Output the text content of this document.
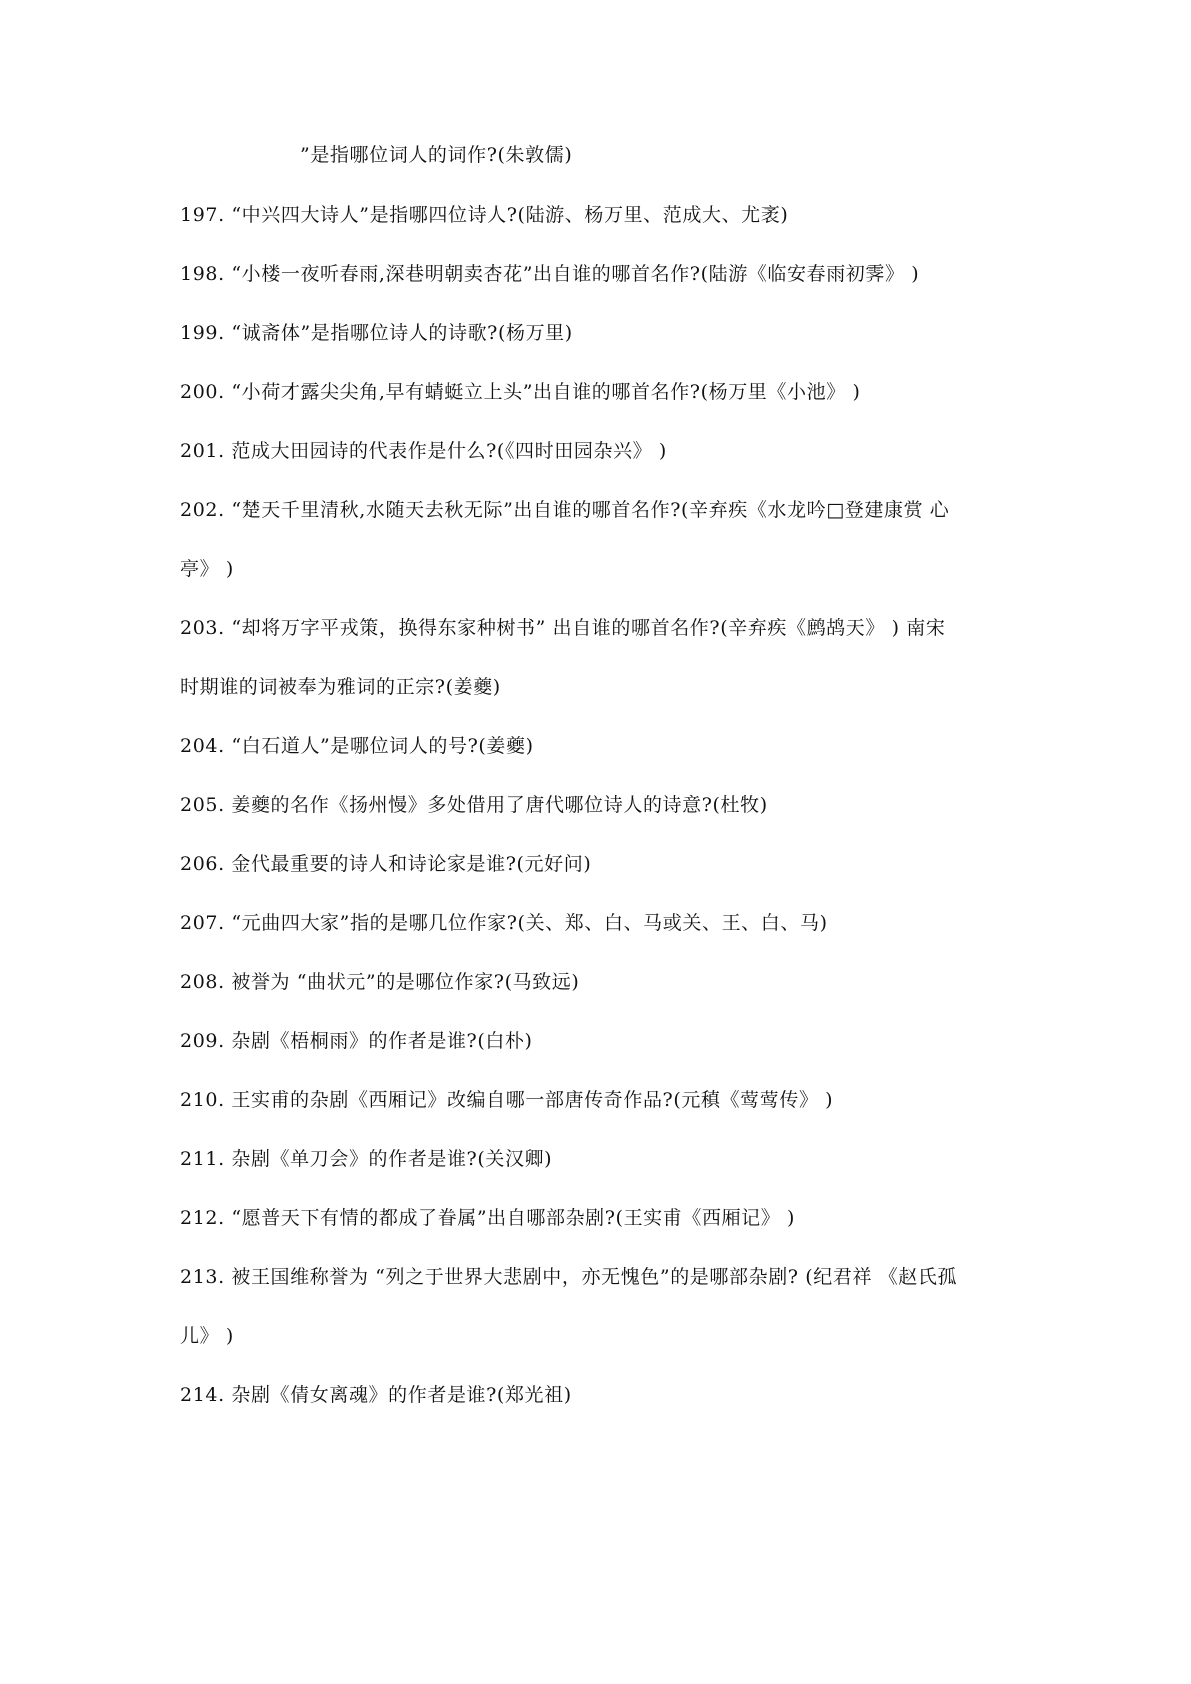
”是指哪位词人的词作?(朱敦儒)
197. “中兴四大诗人”是指哪四位诗人?(陆游、杨万里、范成大、尤袤)
198. “小楼一夜听春雨,深巷明朝卖杏花”出自谁的哪首名作?(陆游《临安春雨初霁》 )
199. “诚斋体”是指哪位诗人的诗歌?(杨万里)
200. “小荷才露尖尖角,早有蜻蜓立上头”出自谁的哪首名作?(杨万里《小池》 )
201. 范成大田园诗的代表作是什么?(《四时田园杂兴》 )
202. “楚天千里清秋,水随天去秋无际”出自谁的哪首名作?(辛弃疾《水龙吟□登建康赏 心
亭》 )
203. “却将万字平戎策，换得东家种树书” 出自谁的哪首名作?(辛弃疾《鹧鸪天》 ) 南宋
时期谁的词被奉为雅词的正宗?(姜夔)
204. “白石道人”是哪位词人的号?(姜夔)
205. 姜夔的名作《扬州慢》多处借用了唐代哪位诗人的诗意?(杜牧)
206. 金代最重要的诗人和诗论家是谁?(元好问)
207. “元曲四大家”指的是哪几位作家?(关、郑、白、马或关、王、白、马)
208. 被誉为 “曲状元”的是哪位作家?(马致远)
209. 杂剧《梧桐雨》的作者是谁?(白朴)
210. 王实甫的杂剧《西厢记》改编自哪一部唐传奇作品?(元稹《莺莺传》 )
211. 杂剧《单刀会》的作者是谁?(关汉卿)
212. “愿普天下有情的都成了眷属”出自哪部杂剧?(王实甫《西厢记》 )
213. 被王国维称誉为 “列之于世界大悲剧中，亦无愧色”的是哪部杂剧? (纪君祥 《赵氏孤
儿》 )
214. 杂剧《倩女离魂》的作者是谁?(郑光祖)
